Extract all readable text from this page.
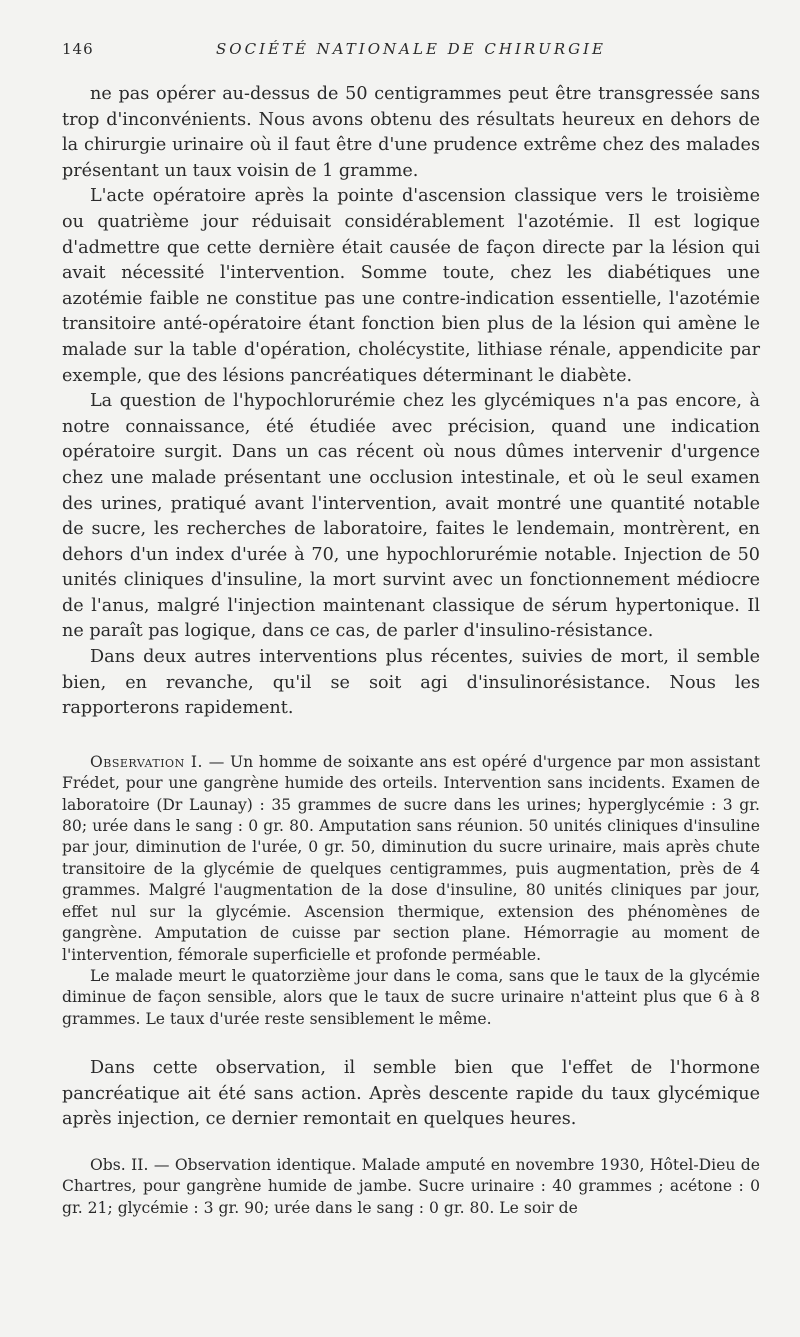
146	SOCIÉTÉ NATIONALE DE CHIRURGIE

ne pas opérer au-dessus de 50 centigrammes peut être transgressée sans trop d'inconvénients. Nous avons obtenu des résultats heureux en dehors de la chirurgie urinaire où il faut être d'une prudence extrême chez des malades présentant un taux voisin de 1 gramme.

L'acte opératoire après la pointe d'ascension classique vers le troisième ou quatrième jour réduisait considérablement l'azotémie. Il est logique d'admettre que cette dernière était causée de façon directe par la lésion qui avait nécessité l'intervention. Somme toute, chez les diabétiques une azotémie faible ne constitue pas une contre-indication essentielle, l'azotémie transitoire anté-opératoire étant fonction bien plus de la lésion qui amène le malade sur la table d'opération, cholécystite, lithiase rénale, appendicite par exemple, que des lésions pancréatiques déterminant le diabète.

La question de l'hypochlorurémie chez les glycémiques n'a pas encore, à notre connaissance, été étudiée avec précision, quand une indication opératoire surgit. Dans un cas récent où nous dûmes intervenir d'urgence chez une malade présentant une occlusion intestinale, et où le seul examen des urines, pratiqué avant l'intervention, avait montré une quantité notable de sucre, les recherches de laboratoire, faites le lendemain, montrèrent, en dehors d'un index d'urée à 70, une hypochlorurémie notable. Injection de 50 unités cliniques d'insuline, la mort survint avec un fonctionnement médiocre de l'anus, malgré l'injection maintenant classique de sérum hypertonique. Il ne paraît pas logique, dans ce cas, de parler d'insulino-résistance.

Dans deux autres interventions plus récentes, suivies de mort, il semble bien, en revanche, qu'il se soit agi d'insulinorésistance. Nous les rapporterons rapidement.

Observation I. — Un homme de soixante ans est opéré d'urgence par mon assistant Frédet, pour une gangrène humide des orteils. Intervention sans incidents. Examen de laboratoire (Dr Launay) : 35 grammes de sucre dans les urines; hyperglycémie : 3 gr. 80; urée dans le sang : 0 gr. 80. Amputation sans réunion. 50 unités cliniques d'insuline par jour, diminution de l'urée, 0 gr. 50, diminution du sucre urinaire, mais après chute transitoire de la glycémie de quelques centigrammes, puis augmentation, près de 4 grammes. Malgré l'augmentation de la dose d'insuline, 80 unités cliniques par jour, effet nul sur la glycémie. Ascension thermique, extension des phénomènes de gangrène. Amputation de cuisse par section plane. Hémorragie au moment de l'intervention, fémorale superficielle et profonde perméable.

Le malade meurt le quatorzième jour dans le coma, sans que le taux de la glycémie diminue de façon sensible, alors que le taux de sucre urinaire n'atteint plus que 6 à 8 grammes. Le taux d'urée reste sensiblement le même.

Dans cette observation, il semble bien que l'effet de l'hormone pancréatique ait été sans action. Après descente rapide du taux glycémique après injection, ce dernier remontait en quelques heures.

Obs. II. — Observation identique. Malade amputé en novembre 1930, Hôtel-Dieu de Chartres, pour gangrène humide de jambe. Sucre urinaire : 40 grammes ; acétone : 0 gr. 21; glycémie : 3 gr. 90; urée dans le sang : 0 gr. 80. Le soir de
